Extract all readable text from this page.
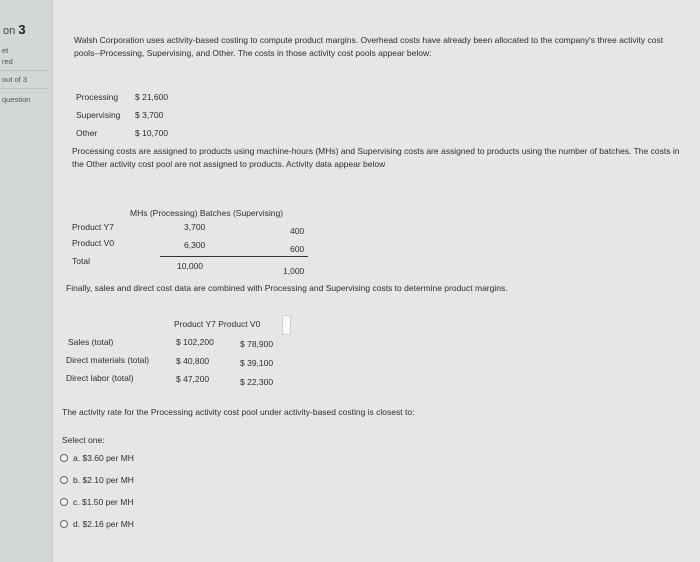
on 3
et
red
out of 3
question
Walsh Corporation uses activity-based costing to compute product margins. Overhead costs have already been allocated to the company's three activity cost pools--Processing, Supervising, and Other. The costs in those activity cost pools appear below:
Processing $ 21,600
Supervising $ 3,700
Other	$ 10,700
Processing costs are assigned to products using machine-hours (MHs) and Supervising costs are assigned to products using the number of batches. The costs in the Other activity cost pool are not assigned to products. Activity data appear below
MHs (Processing) Batches (Supervising)
Product Y7	3,700	400
Product V0	6,300	600
Total	10,000	1,000
Finally, sales and direct cost data are combined with Processing and Supervising costs to determine product margins.
Product Y7 Product V0
Sales (total)	$ 102,200	$ 78,900
Direct materials (total)	$ 40,800	$ 39,100
Direct labor (total)	$ 47,200	$ 22,300
The activity rate for the Processing activity cost pool under activity-based costing is closest to:
Select one:
a. $3.60 per MH
b. $2.10 per MH
c. $1.50 per MH
d. $2.16 per MH
